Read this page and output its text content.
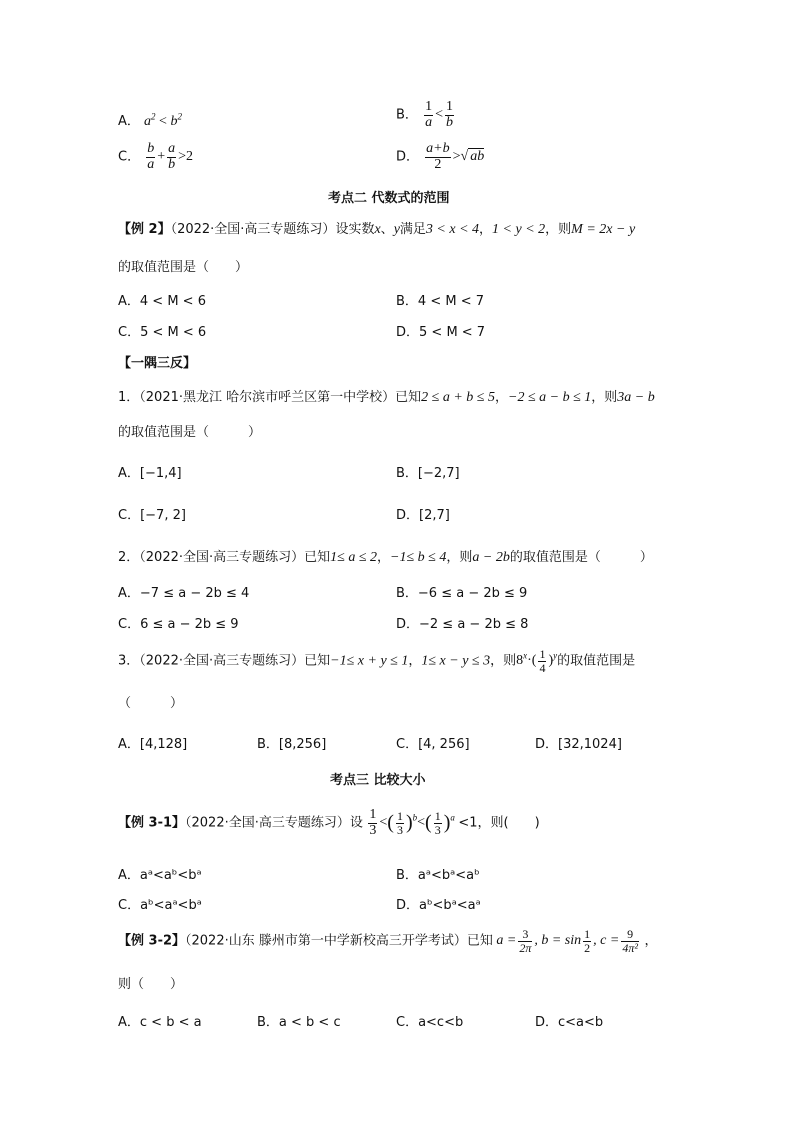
A． $a^2 < b^2$	B． $\frac{1}{a} < \frac{1}{b}$
C． $\frac{b}{a} + \frac{a}{b} >2$	D． $\frac{a+b}{2}$ >√ ab
考点二 代数式的范围
【例 2】（2022·全国·高三专题练习）设实数x、y满足3 < x < 4，1 < y < 2，则M = 2x − y
的取值范围是（　　）
A．4 < M < 6	B．4 < M < 7
C．5 < M < 6	D．5 < M < 7
【一隅三反】
1．（2021·黑龙江 哈尔滨市呼兰区第一中学校）已知2 ≤ a + b ≤ 5，−2 ≤ a − b ≤ 1，则3a − b
的取值范围是（　　　）
A．[−1,4]	B．[−2,7]
C．[−7, 2]	D．[2,7]
2．（2022·全国·高三专题练习）已知1≤ a ≤ 2，−1≤ b ≤ 4，则a − 2b的取值范围是（　　　）
A．−7 ≤ a − 2b ≤ 4	B．−6 ≤ a − 2b ≤ 9
C．6 ≤ a − 2b ≤ 9	D．−2 ≤ a − 2b ≤ 8
3．（2022·全国·高三专题练习）已知−1≤ x + y ≤ 1，1≤ x − y ≤ 3，则$8^x\cdot( \frac{1}{4} )^y$的取值范围是
（　　　）
A．[4,128]	B．[8,256]	C．[4, 256]	D．[32,1024]
考点三 比较大小
【例 3-1】（2022·全国·高三专题练习）设 $\frac{1}{3}$ <( $\frac{1}{3} )^b<( \frac{1}{3} )^a <1$，则(　　)
A．aᵃ<aᵇ<bᵃ	B．aᵃ<bᵃ<aᵇ
C．aᵇ<aᵃ<bᵃ	D．aᵇ<bᵃ<aᵃ
【例 3-2】（2022·山东 滕州市第一中学新校高三开学考试）已知 $a = \frac{3}{2\pi}$ , $b = \sin \frac{1}{2}$ , $c = \frac{9}{\text{4π²}}$ ，
则（　　）
A．c < b < a	B．a < b < c	C．a<c<b	D．c<a<b
